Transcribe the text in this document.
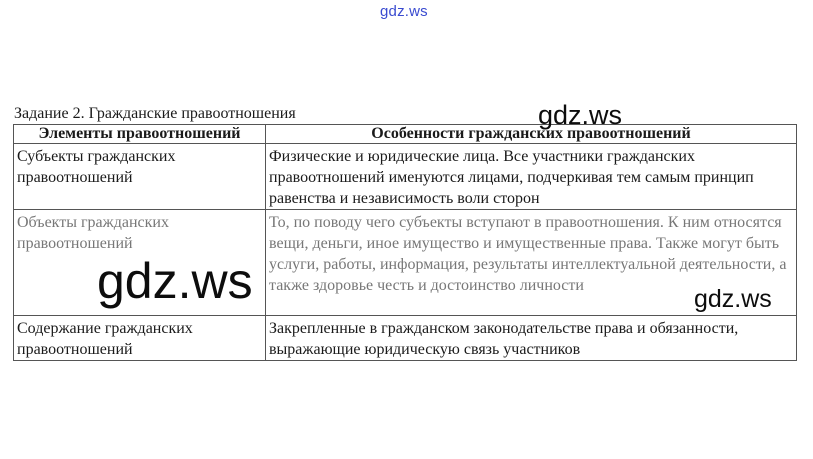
gdz.ws
Задание 2. Гражданские правоотношения
Элементы правоотношений	Особенности гражданских правоотношений
Субъекты гражданских правоотношений	Физические и юридические лица. Все участники гражданских правоотношений именуются лицами, подчеркивая тем самым принцип равенства и независимость воли сторон
Объекты гражданских правоотношений	То, по поводу чего субъекты вступают в правоотношения. К ним относятся вещи, деньги, иное имущество и имущественные права. Также могут быть услуги, работы, информация, результаты интеллектуальной деятельности, а также здоровье честь и достоинство личности
Содержание гражданских правоотношений	Закрепленные в гражданском законодательстве права и обязанности, выражающие юридическую связь участников
gdz.ws
gdz.ws	gdz.ws
